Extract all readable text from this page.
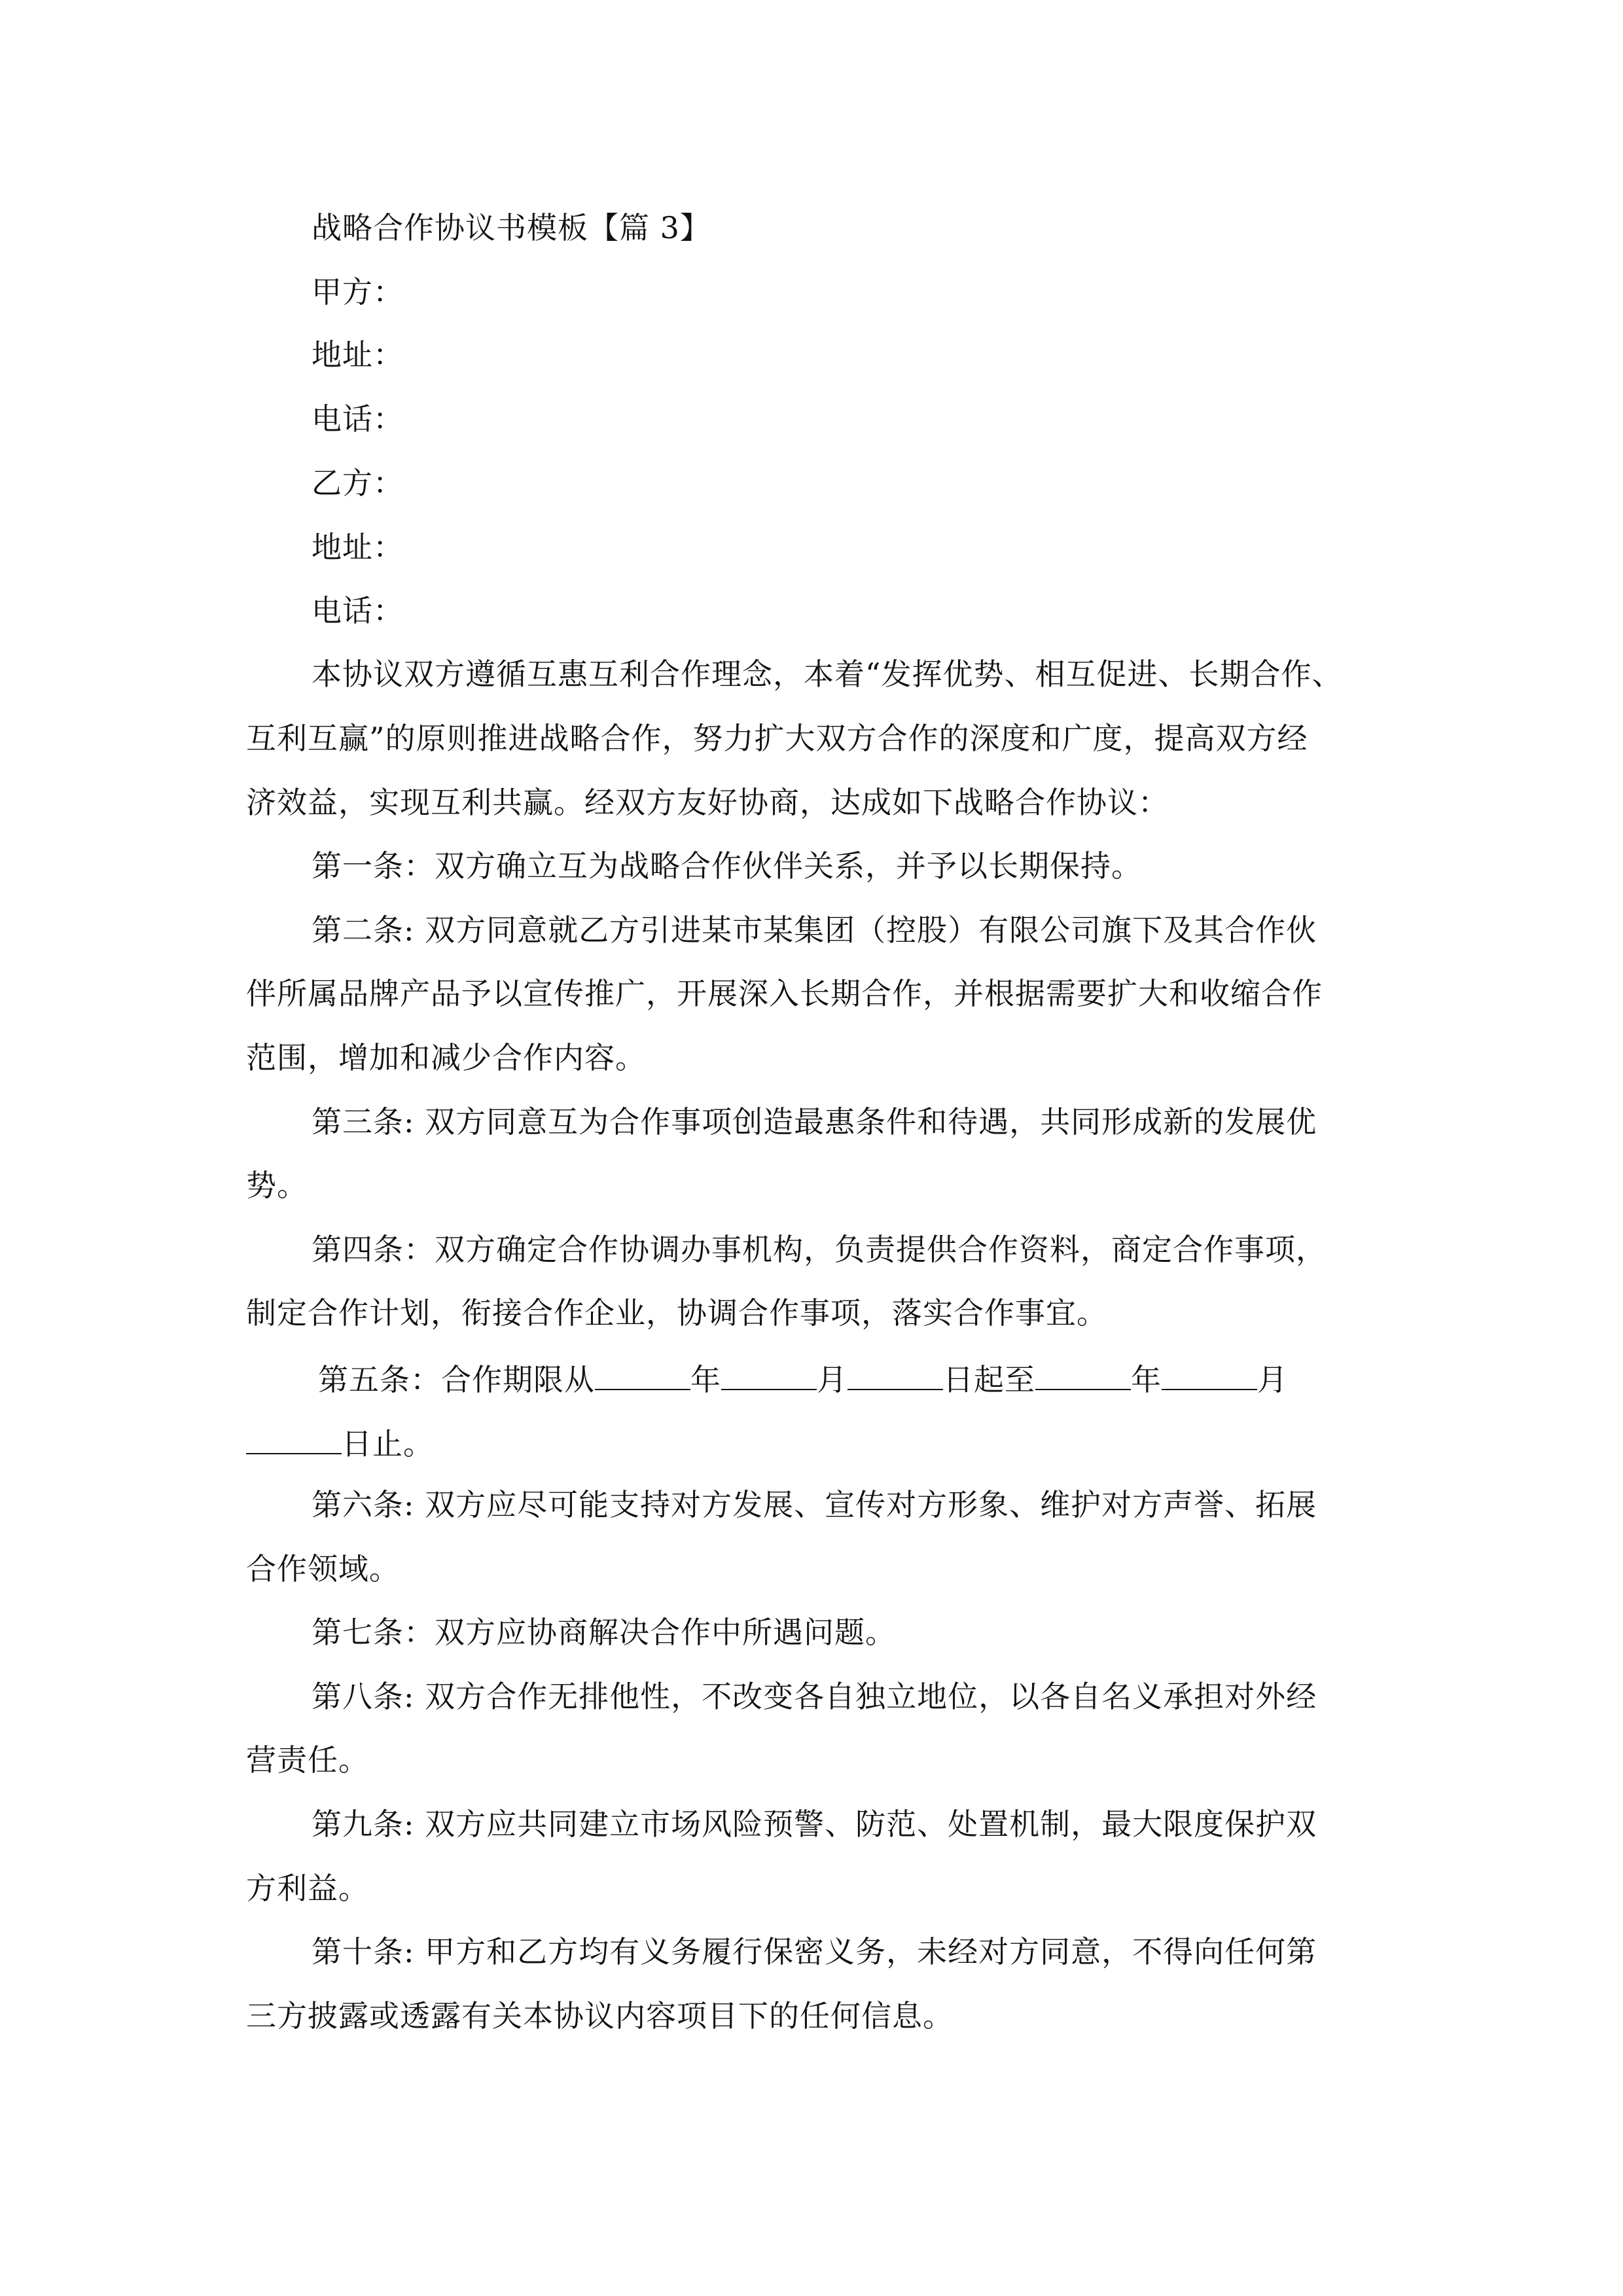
战略合作协议书模板【篇 3】
甲方：
地址：
电话：
乙方：
地址：
电话：
本协议双方遵循互惠互利合作理念，本着“发挥优势、相互促进、长期合作、
互利互赢”的原则推进战略合作，努力扩大双方合作的深度和广度，提高双方经
济效益，实现互利共赢。经双方友好协商，达成如下战略合作协议：
第一条：双方确立互为战略合作伙伴关系，并予以长期保持。
第二条: 双方同意就乙方引进某市某集团（控股）有限公司旗下及其合作伙
伴所属品牌产品予以宣传推广，开展深入长期合作，并根据需要扩大和收缩合作
范围，增加和减少合作内容。
第三条: 双方同意互为合作事项创造最惠条件和待遇，共同形成新的发展优
势。
第四条：双方确定合作协调办事机构，负责提供合作资料，商定合作事项，
制定合作计划，衔接合作企业，协调合作事项，落实合作事宜。
第五条：合作期限从	年	月	日起至	年	月
日止。
第六条: 双方应尽可能支持对方发展、宣传对方形象、维护对方声誉、拓展
合作领域。
第七条：双方应协商解决合作中所遇问题。
第八条: 双方合作无排他性，不改变各自独立地位，以各自名义承担对外经
营责任。
第九条: 双方应共同建立市场风险预警、防范、处置机制，最大限度保护双
方利益。
第十条: 甲方和乙方均有义务履行保密义务，未经对方同意，不得向任何第
三方披露或透露有关本协议内容项目下的任何信息。
